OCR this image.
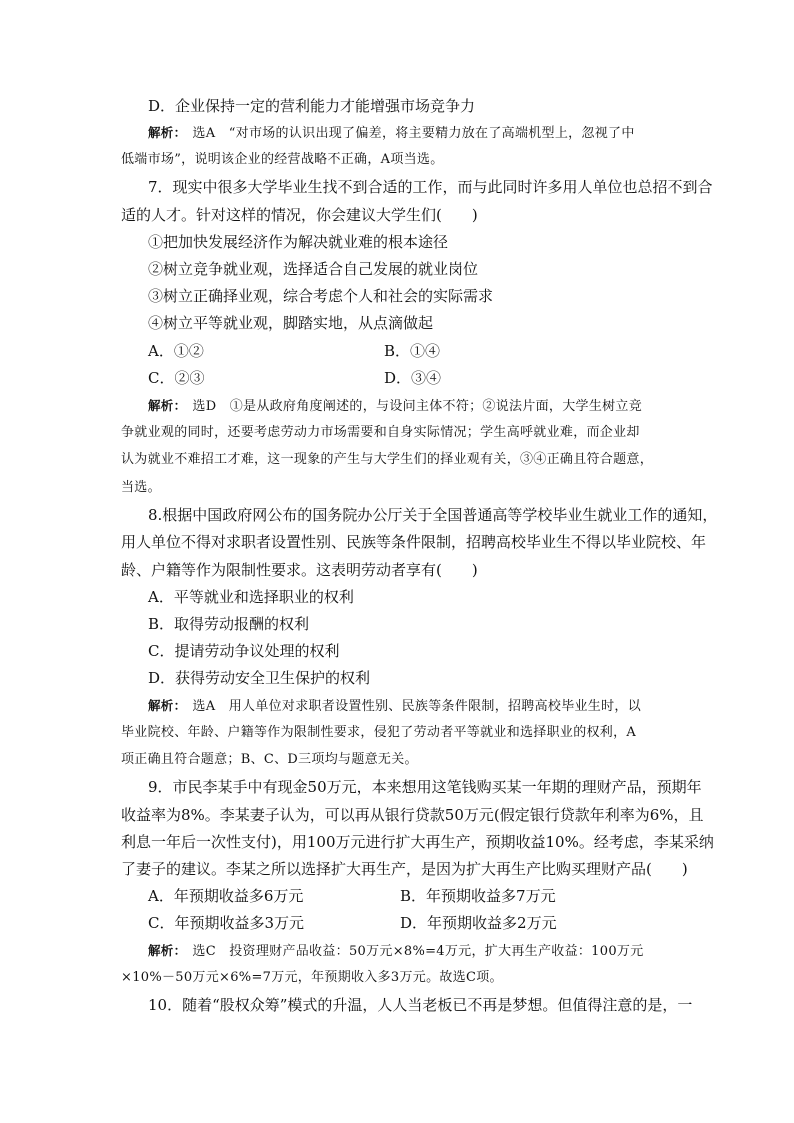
D．企业保持一定的营利能力才能增强市场竞争力
解析： 选A　“对市场的认识出现了偏差，将主要精力放在了高端机型上，忽视了中
低端市场”，说明该企业的经营战略不正确，A项当选。
7．现实中很多大学毕业生找不到合适的工作，而与此同时许多用人单位也总招不到合
适的人才。针对这样的情况，你会建议大学生们(　　)
①把加快发展经济作为解决就业难的根本途径
②树立竞争就业观，选择适合自己发展的就业岗位
③树立正确择业观，综合考虑个人和社会的实际需求
④树立平等就业观，脚踏实地，从点滴做起
A．①②	B．①④
C．②③	D．③④
解析： 选D　①是从政府角度阐述的，与设问主体不符；②说法片面，大学生树立竞
争就业观的同时，还要考虑劳动力市场需要和自身实际情况；学生高呼就业难，而企业却
认为就业不难招工才难，这一现象的产生与大学生们的择业观有关，③④正确且符合题意，
当选。
8.根据中国政府网公布的国务院办公厅关于全国普通高等学校毕业生就业工作的通知，
用人单位不得对求职者设置性别、民族等条件限制，招聘高校毕业生不得以毕业院校、年
龄、户籍等作为限制性要求。这表明劳动者享有(　　)
A．平等就业和选择职业的权利
B．取得劳动报酬的权利
C．提请劳动争议处理的权利
D．获得劳动安全卫生保护的权利
解析： 选A　用人单位对求职者设置性别、民族等条件限制，招聘高校毕业生时，以
毕业院校、年龄、户籍等作为限制性要求，侵犯了劳动者平等就业和选择职业的权利，A
项正确且符合题意；B、C、D三项均与题意无关。
9．市民李某手中有现金50万元，本来想用这笔钱购买某一年期的理财产品，预期年
收益率为8%。李某妻子认为，可以再从银行贷款50万元(假定银行贷款年利率为6%，且
利息一年后一次性支付)，用100万元进行扩大再生产，预期收益10%。经考虑，李某采纳
了妻子的建议。李某之所以选择扩大再生产，是因为扩大再生产比购买理财产品(　　)
A．年预期收益多6万元	B．年预期收益多7万元
C．年预期收益多3万元	D．年预期收益多2万元
解析： 选C　投资理财产品收益：50万元×8%=4万元，扩大再生产收益：100万元
×10%－50万元×6%=7万元，年预期收入多3万元。故选C项。
10．随着“股权众筹”模式的升温，人人当老板已不再是梦想。但值得注意的是，一
